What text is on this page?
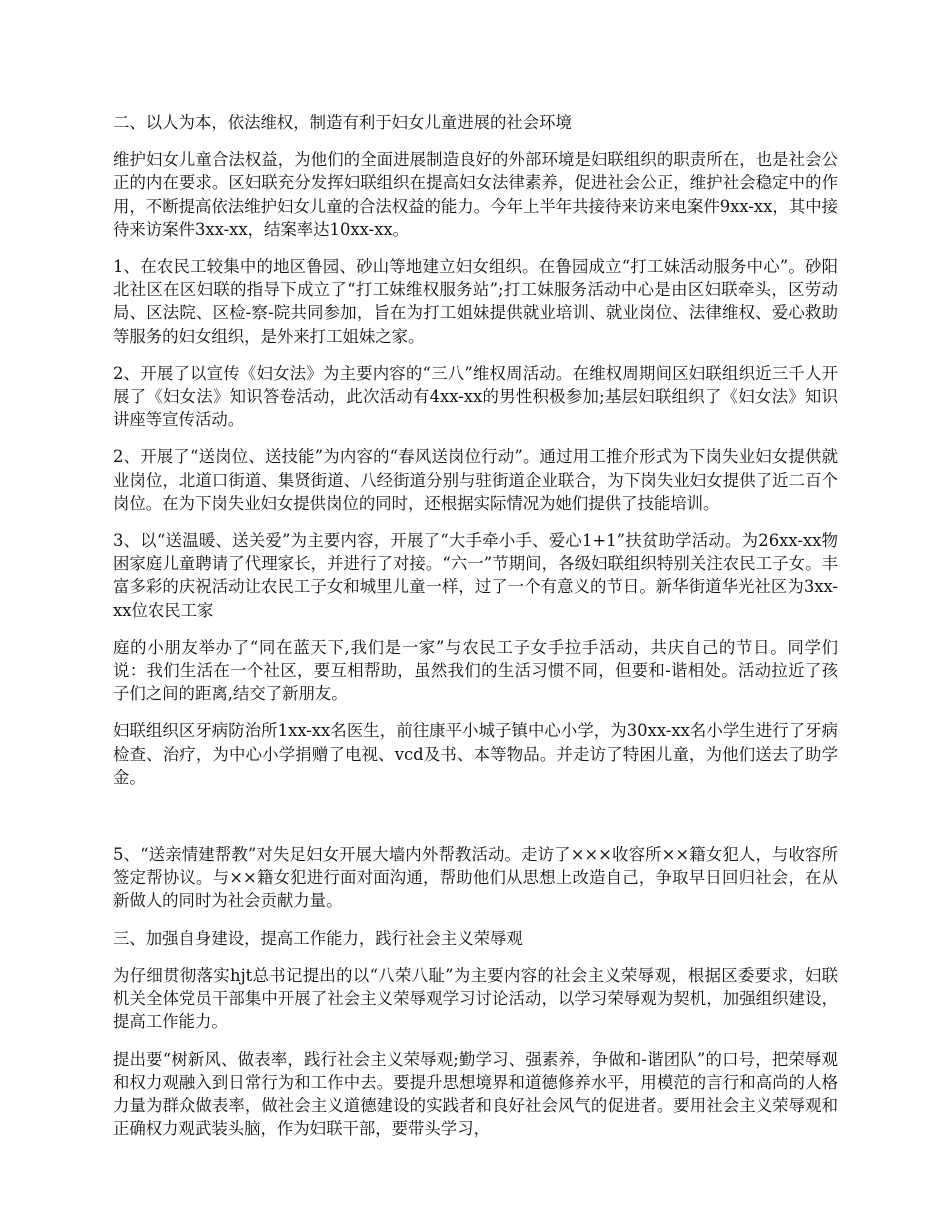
二、以人为本，依法维权，制造有利于妇女儿童进展的社会环境

维护妇女儿童合法权益，为他们的全面进展制造良好的外部环境是妇联组织的职责所在，也是社会公正的内在要求。区妇联充分发挥妇联组织在提高妇女法律素养，促进社会公正，维护社会稳定中的作用，不断提高依法维护妇女儿童的合法权益的能力。今年上半年共接待来访来电案件9xx-xx，其中接待来访案件3xx-xx，结案率达10xx-xx。

1、在农民工较集中的地区鲁园、砂山等地建立妇女组织。在鲁园成立“打工妹活动服务中心”。砂阳北社区在区妇联的指导下成立了“打工妹维权服务站”;打工妹服务活动中心是由区妇联牵头，区劳动局、区法院、区检-察-院共同参加，旨在为打工姐妹提供就业培训、就业岗位、法律维权、爱心救助等服务的妇女组织，是外来打工姐妹之家。

2、开展了以宣传《妇女法》为主要内容的“三八”维权周活动。在维权周期间区妇联组织近三千人开展了《妇女法》知识答卷活动，此次活动有4xx-xx的男性积极参加;基层妇联组织了《妇女法》知识讲座等宣传活动。

2、开展了“送岗位、送技能”为内容的“春风送岗位行动”。通过用工推介形式为下岗失业妇女提供就业岗位，北道口街道、集贤街道、八经街道分别与驻街道企业联合，为下岗失业妇女提供了近二百个岗位。在为下岗失业妇女提供岗位的同时，还根据实际情况为她们提供了技能培训。

3、以“送温暖、送关爱”为主要内容，开展了“大手牵小手、爱心1+1”扶贫助学活动。为26xx-xx物困家庭儿童聘请了代理家长，并进行了对接。“六一”节期间，各级妇联组织特别关注农民工子女。丰富多彩的庆祝活动让农民工子女和城里儿童一样，过了一个有意义的节日。新华街道华光社区为3xx-xx位农民工家

庭的小朋友举办了“同在蓝天下,我们是一家”与农民工子女手拉手活动，共庆自己的节日。同学们说：我们生活在一个社区，要互相帮助，虽然我们的生活习惯不同，但要和-谐相处。活动拉近了孩子们之间的距离,结交了新朋友。

妇联组织区牙病防治所1xx-xx名医生，前往康平小城子镇中心小学，为30xx-xx名小学生进行了牙病检查、治疗，为中心小学捐赠了电视、vcd及书、本等物品。并走访了特困儿童，为他们送去了助学金。

5、“送亲情建帮教”对失足妇女开展大墙内外帮教活动。走访了×××收容所××籍女犯人，与收容所签定帮协议。与××籍女犯进行面对面沟通，帮助他们从思想上改造自己，争取早日回归社会，在从新做人的同时为社会贡献力量。

三、加强自身建设，提高工作能力，践行社会主义荣辱观

为仔细贯彻落实hjt总书记提出的以“八荣八耻”为主要内容的社会主义荣辱观，根据区委要求，妇联机关全体党员干部集中开展了社会主义荣辱观学习讨论活动，以学习荣辱观为契机，加强组织建设，提高工作能力。

提出要“树新风、做表率，践行社会主义荣辱观;勤学习、强素养，争做和-谐团队”的口号，把荣辱观和权力观融入到日常行为和工作中去。要提升思想境界和道德修养水平，用模范的言行和高尚的人格力量为群众做表率，做社会主义道德建设的实践者和良好社会风气的促进者。要用社会主义荣辱观和正确权力观武装头脑，作为妇联干部，要带头学习，
